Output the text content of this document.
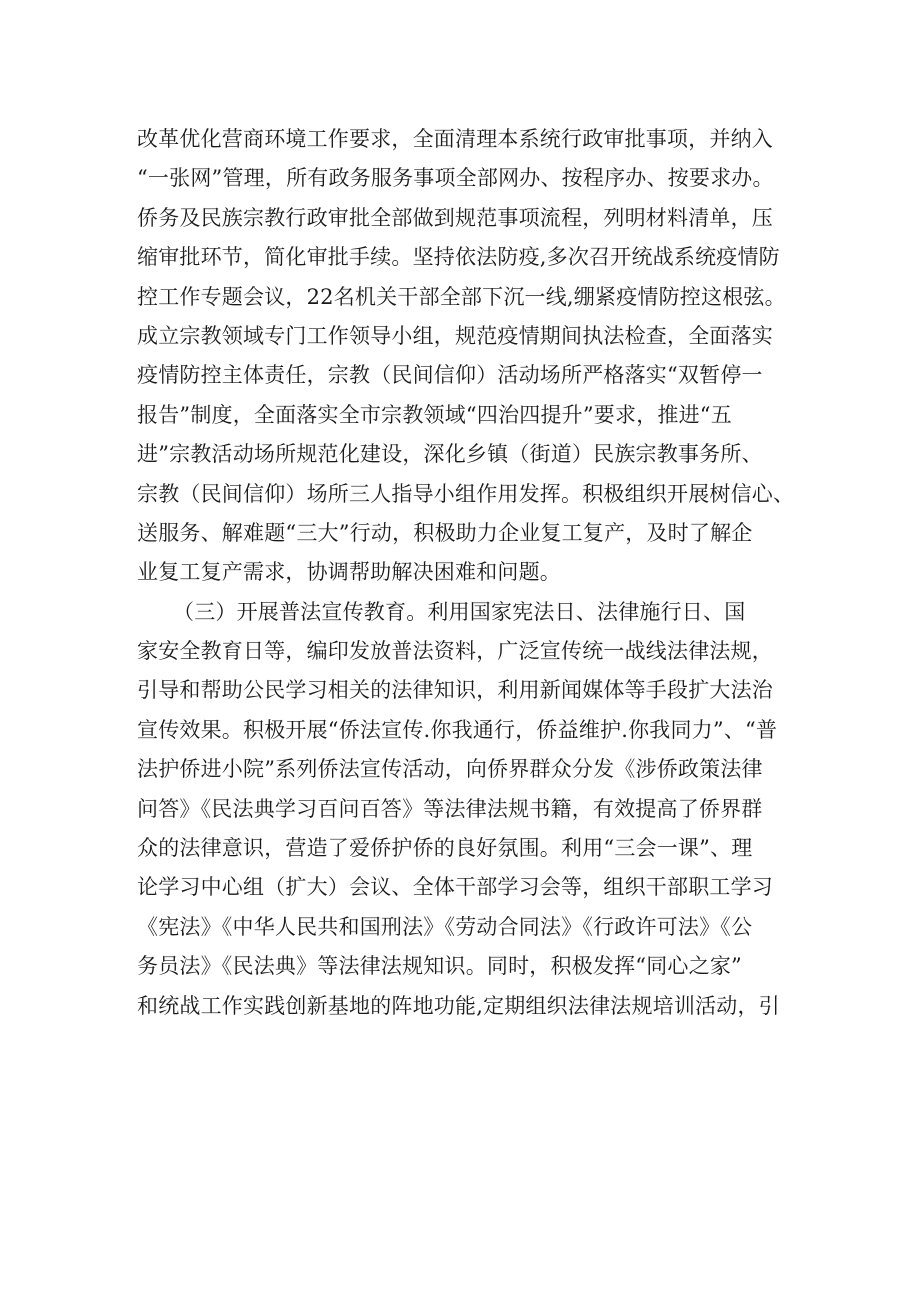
改革优化营商环境工作要求，全面清理本系统行政审批事项，并纳入
“一张网”管理，所有政务服务事项全部网办、按程序办、按要求办。
侨务及民族宗教行政审批全部做到规范事项流程，列明材料清单，压
缩审批环节，简化审批手续。坚持依法防疫,多次召开统战系统疫情防
控工作专题会议，22名机关干部全部下沉一线,绷紧疫情防控这根弦。
成立宗教领域专门工作领导小组，规范疫情期间执法检查，全面落实
疫情防控主体责任，宗教（民间信仰）活动场所严格落实“双暂停一
报告”制度，全面落实全市宗教领域“四治四提升”要求，推进“五
进”宗教活动场所规范化建设，深化乡镇（街道）民族宗教事务所、
宗教（民间信仰）场所三人指导小组作用发挥。积极组织开展树信心、
送服务、解难题“三大”行动，积极助力企业复工复产，及时了解企
业复工复产需求，协调帮助解决困难和问题。
（三）开展普法宣传教育。利用国家宪法日、法律施行日、国
家安全教育日等，编印发放普法资料，广泛宣传统一战线法律法规，
引导和帮助公民学习相关的法律知识，利用新闻媒体等手段扩大法治
宣传效果。积极开展“侨法宣传.你我通行，侨益维护.你我同力”、“普
法护侨进小院”系列侨法宣传活动，向侨界群众分发《涉侨政策法律
问答》《民法典学习百问百答》等法律法规书籍，有效提高了侨界群
众的法律意识，营造了爱侨护侨的良好氛围。利用“三会一课”、理
论学习中心组（扩大）会议、全体干部学习会等，组织干部职工学习
《宪法》《中华人民共和国刑法》《劳动合同法》《行政许可法》《公
务员法》《民法典》等法律法规知识。同时，积极发挥“同心之家”
和统战工作实践创新基地的阵地功能,定期组织法律法规培训活动，引
